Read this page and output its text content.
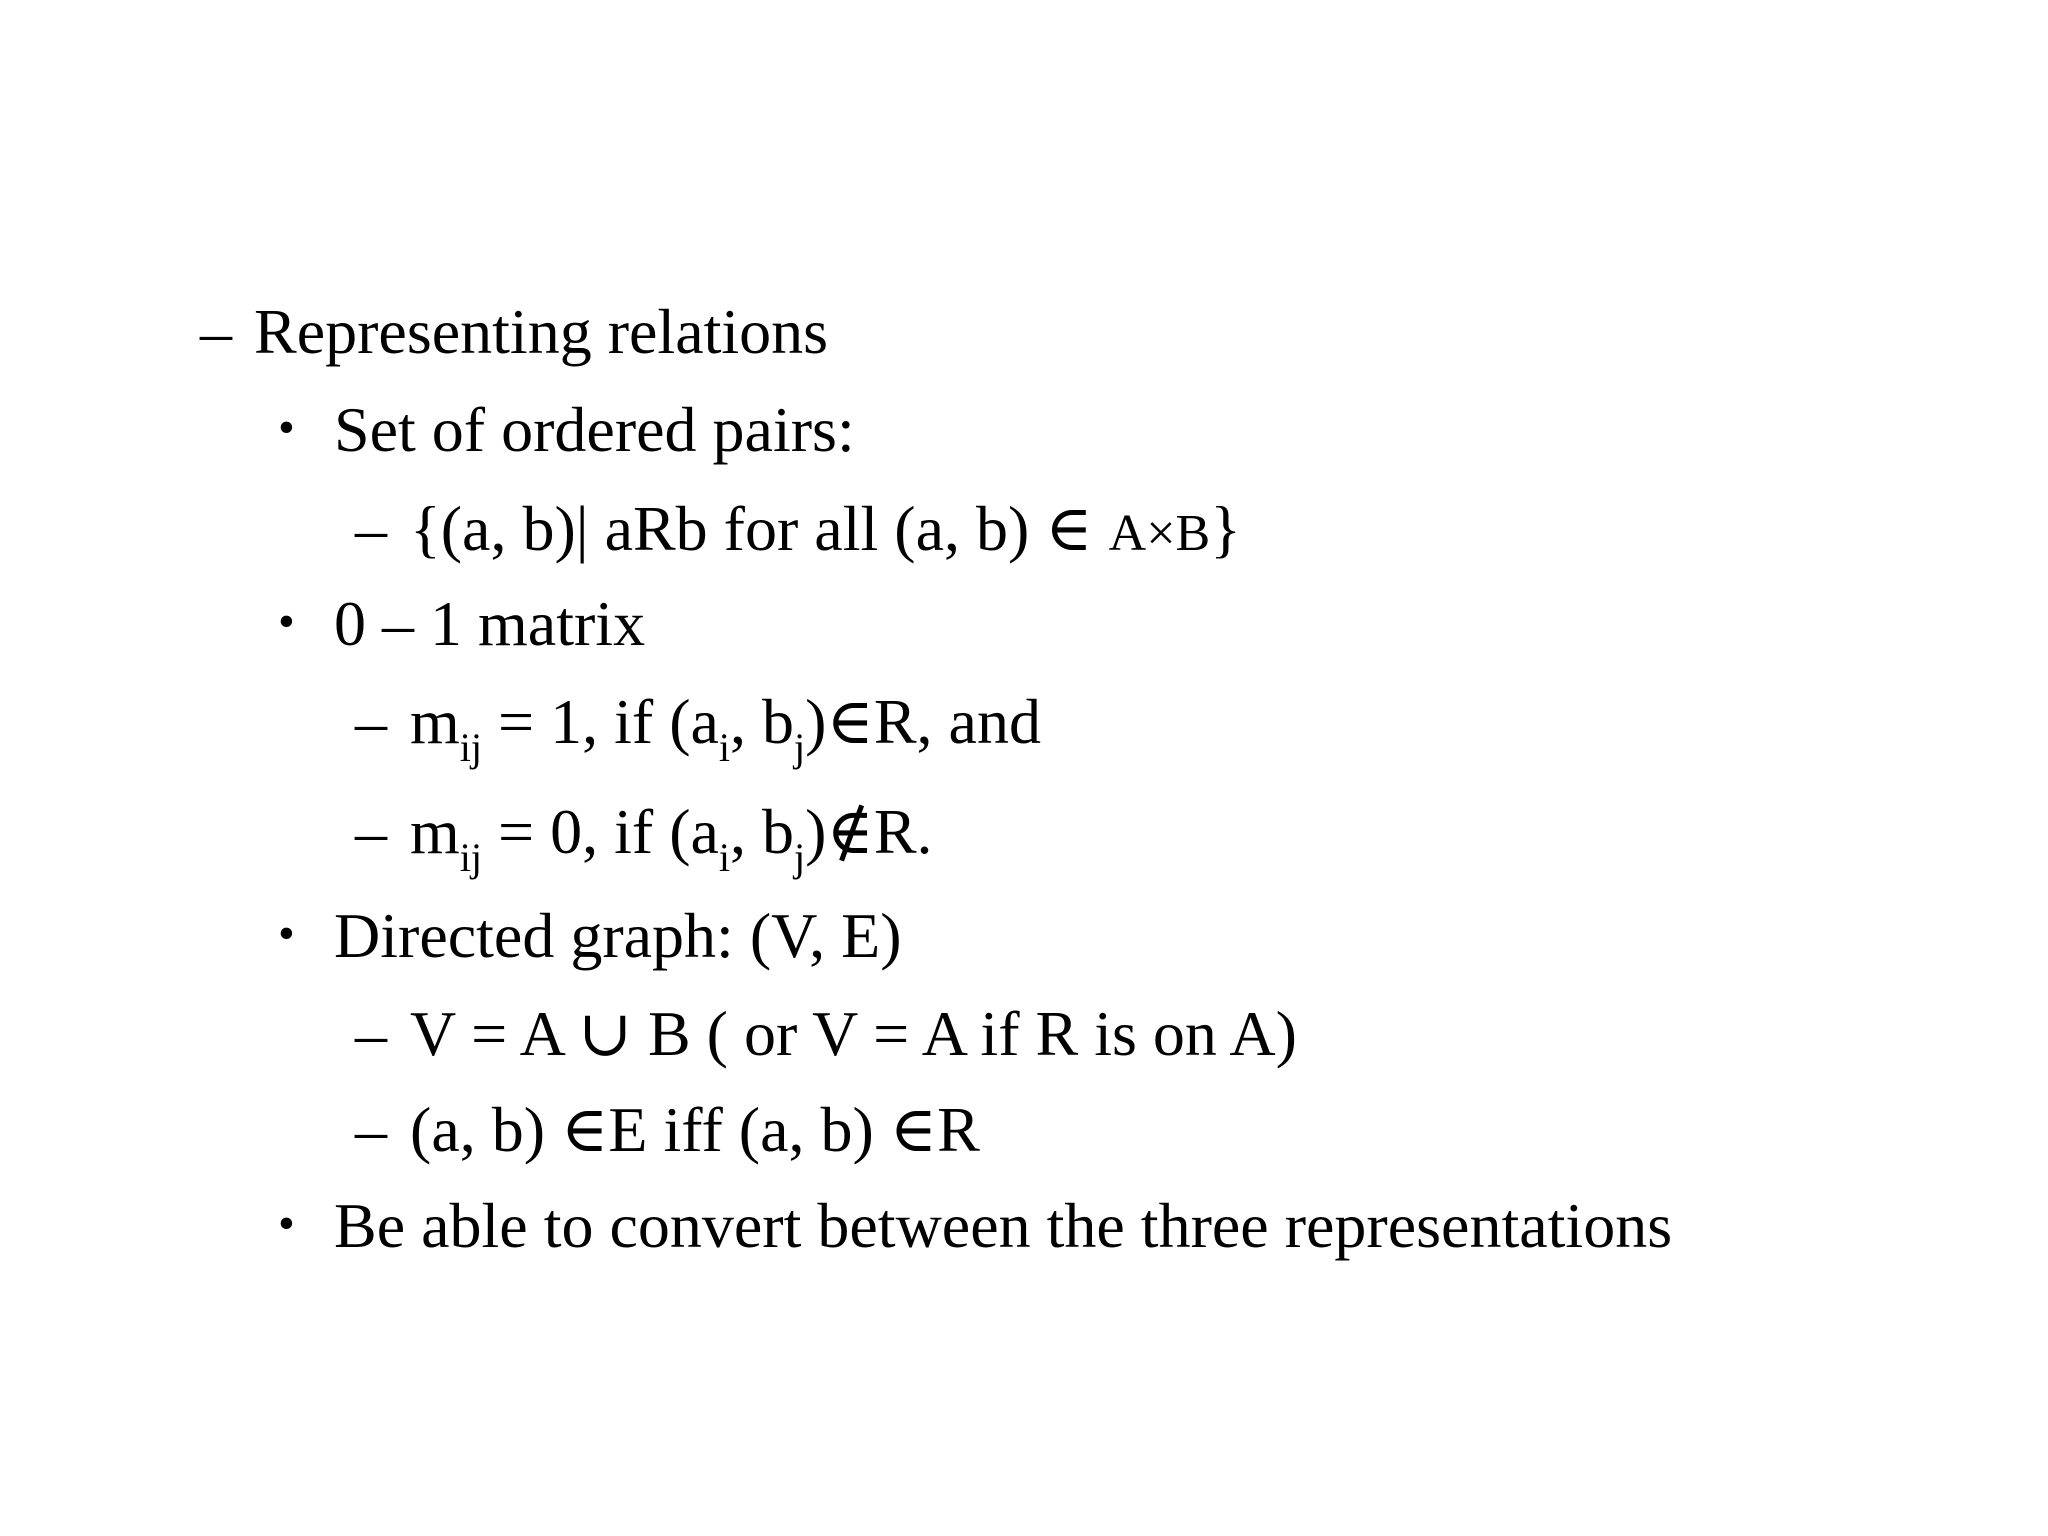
– Representing relations
• Set of ordered pairs:
– {(a, b)| aRb for all (a, b) ∈ A×B}
• 0 – 1 matrix
– $m_{ij} = 1$, if ($a_i$, $b_j)\in R$, and
– $m_{ij} = 0$, if ($a_i$, $b_j)\notin R$.
• Directed graph: (V, E)
– V = A ∪ B ( or V = A if R is on A)
– (a, b) ∈E iff (a, b) ∈R
• Be able to convert between the three representations
